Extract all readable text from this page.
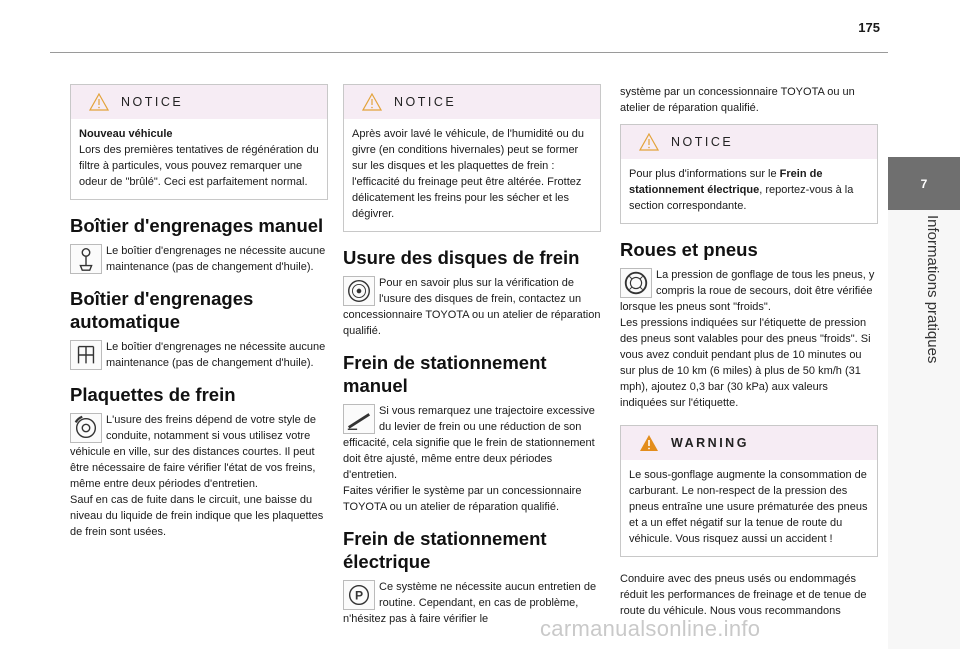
175
7
Informations pratiques
NOTICE
Nouveau véhicule
Lors des premières tentatives de régénération du filtre à particules, vous pouvez remarquer une odeur de "brûlé". Ceci est parfaitement normal.
Boîtier d'engrenages manuel
Le boîtier d'engrenages ne nécessite aucune maintenance (pas de changement d'huile).
Boîtier d'engrenages automatique
Le boîtier d'engrenages ne nécessite aucune maintenance (pas de changement d'huile).
Plaquettes de frein
L'usure des freins dépend de votre style de conduite, notamment si vous utilisez votre véhicule en ville, sur des distances courtes. Il peut être nécessaire de faire vérifier l'état de vos freins, même entre deux périodes d'entretien.
Sauf en cas de fuite dans le circuit, une baisse du niveau du liquide de frein indique que les plaquettes de frein sont usées.
NOTICE
Après avoir lavé le véhicule, de l'humidité ou du givre (en conditions hivernales) peut se former sur les disques et les plaquettes de frein : l'efficacité du freinage peut être altérée. Frottez délicatement les freins pour les sécher et les dégivrer.
Usure des disques de frein
Pour en savoir plus sur la vérification de l'usure des disques de frein, contactez un concessionnaire TOYOTA ou un atelier de réparation qualifié.
Frein de stationnement manuel
Si vous remarquez une trajectoire excessive du levier de frein ou une réduction de son efficacité, cela signifie que le frein de stationnement doit être ajusté, même entre deux périodes d'entretien.
Faites vérifier le système par un concessionnaire TOYOTA ou un atelier de réparation qualifié.
Frein de stationnement électrique
P
Ce système ne nécessite aucun entretien de routine. Cependant, en cas de problème, n'hésitez pas à faire vérifier le
système par un concessionnaire TOYOTA ou un atelier de réparation qualifié.
NOTICE
Pour plus d'informations sur le Frein de stationnement électrique, reportez-vous à la section correspondante.
Roues et pneus
La pression de gonflage de tous les pneus, y compris la roue de secours, doit être vérifiée lorsque les pneus sont "froids".
Les pressions indiquées sur l'étiquette de pression des pneus sont valables pour des pneus "froids". Si vous avez conduit pendant plus de 10 minutes ou sur plus de 10 km (6 miles) à plus de 50 km/h (31 mph), ajoutez 0,3 bar (30 kPa) aux valeurs indiquées sur l'étiquette.
WARNING
Le sous-gonflage augmente la consommation de carburant. Le non-respect de la pression des pneus entraîne une usure prématurée des pneus et a un effet négatif sur la tenue de route du véhicule. Vous risquez aussi un accident !
Conduire avec des pneus usés ou endommagés réduit les performances de freinage et de tenue de route du véhicule. Nous vous recommandons
carmanualsonline.info
